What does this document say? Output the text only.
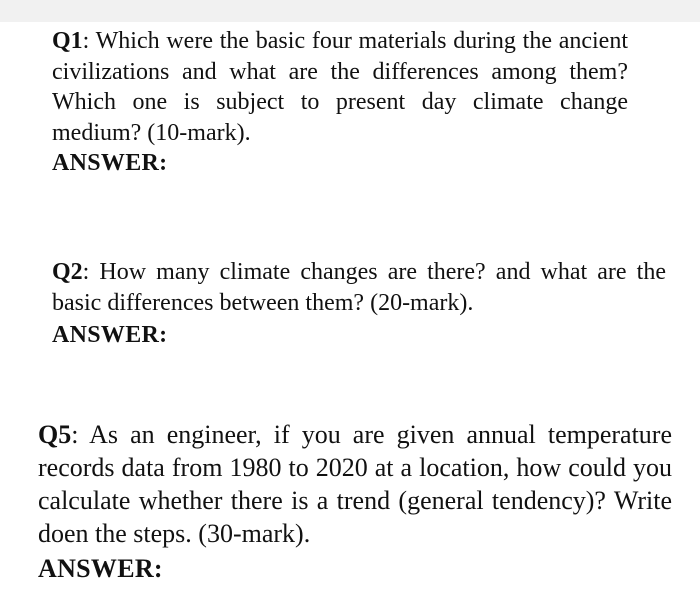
Q1: Which were the basic four materials during the ancient civilizations and what are the differences among them? Which one is subject to present day climate change medium? (10-mark).
ANSWER:
Q2: How many climate changes are there? and what are the basic differences between them? (20-mark).
ANSWER:
Q5: As an engineer, if you are given annual temperature records data from 1980 to 2020 at a location, how could you calculate whether there is a trend (general tendency)? Write doen the steps. (30-mark).
ANSWER:
